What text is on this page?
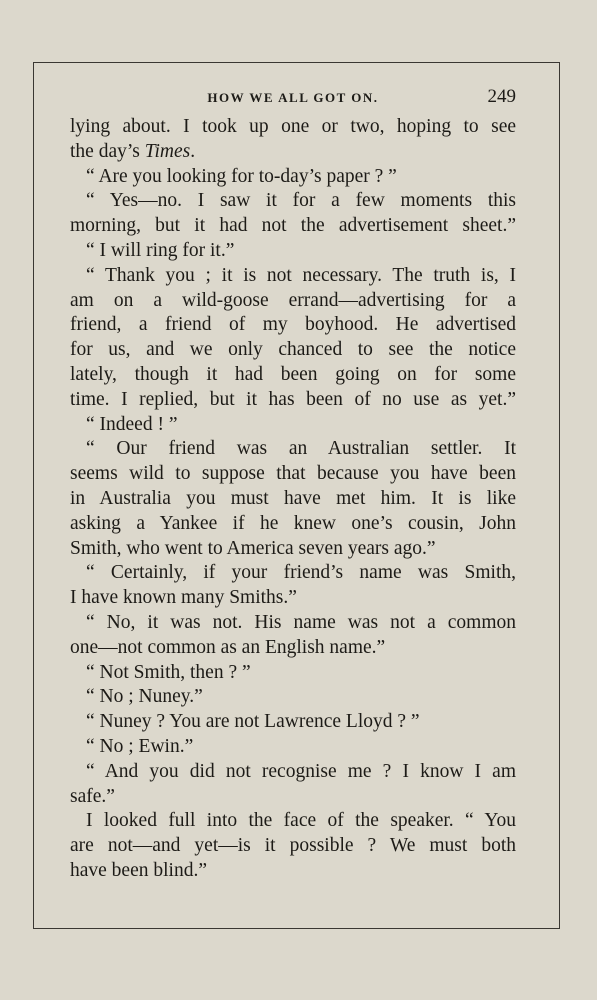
HOW WE ALL GOT ON.	249
lying about. I took up one or two, hoping to see
the day’s Times.
“ Are you looking for to-day’s paper ? ”
“ Yes—no. I saw it for a few moments this
morning, but it had not the advertisement sheet.”
“ I will ring for it.”
“ Thank you ; it is not necessary. The truth is, I
am on a wild-goose errand—advertising for a
friend, a friend of my boyhood. He advertised
for us, and we only chanced to see the notice
lately, though it had been going on for some
time. I replied, but it has been of no use as yet.”
“ Indeed ! ”
“ Our friend was an Australian settler. It
seems wild to suppose that because you have been
in Australia you must have met him. It is like
asking a Yankee if he knew one’s cousin, John
Smith, who went to America seven years ago.”
“ Certainly, if your friend’s name was Smith,
I have known many Smiths.”
“ No, it was not. His name was not a common
one—not common as an English name.”
“ Not Smith, then ? ”
“ No ; Nuney.”
“ Nuney ? You are not Lawrence Lloyd ? ”
“ No ; Ewin.”
“ And you did not recognise me ? I know I am
safe.”
I looked full into the face of the speaker. “ You
are not—and yet—is it possible ? We must both
have been blind.”
